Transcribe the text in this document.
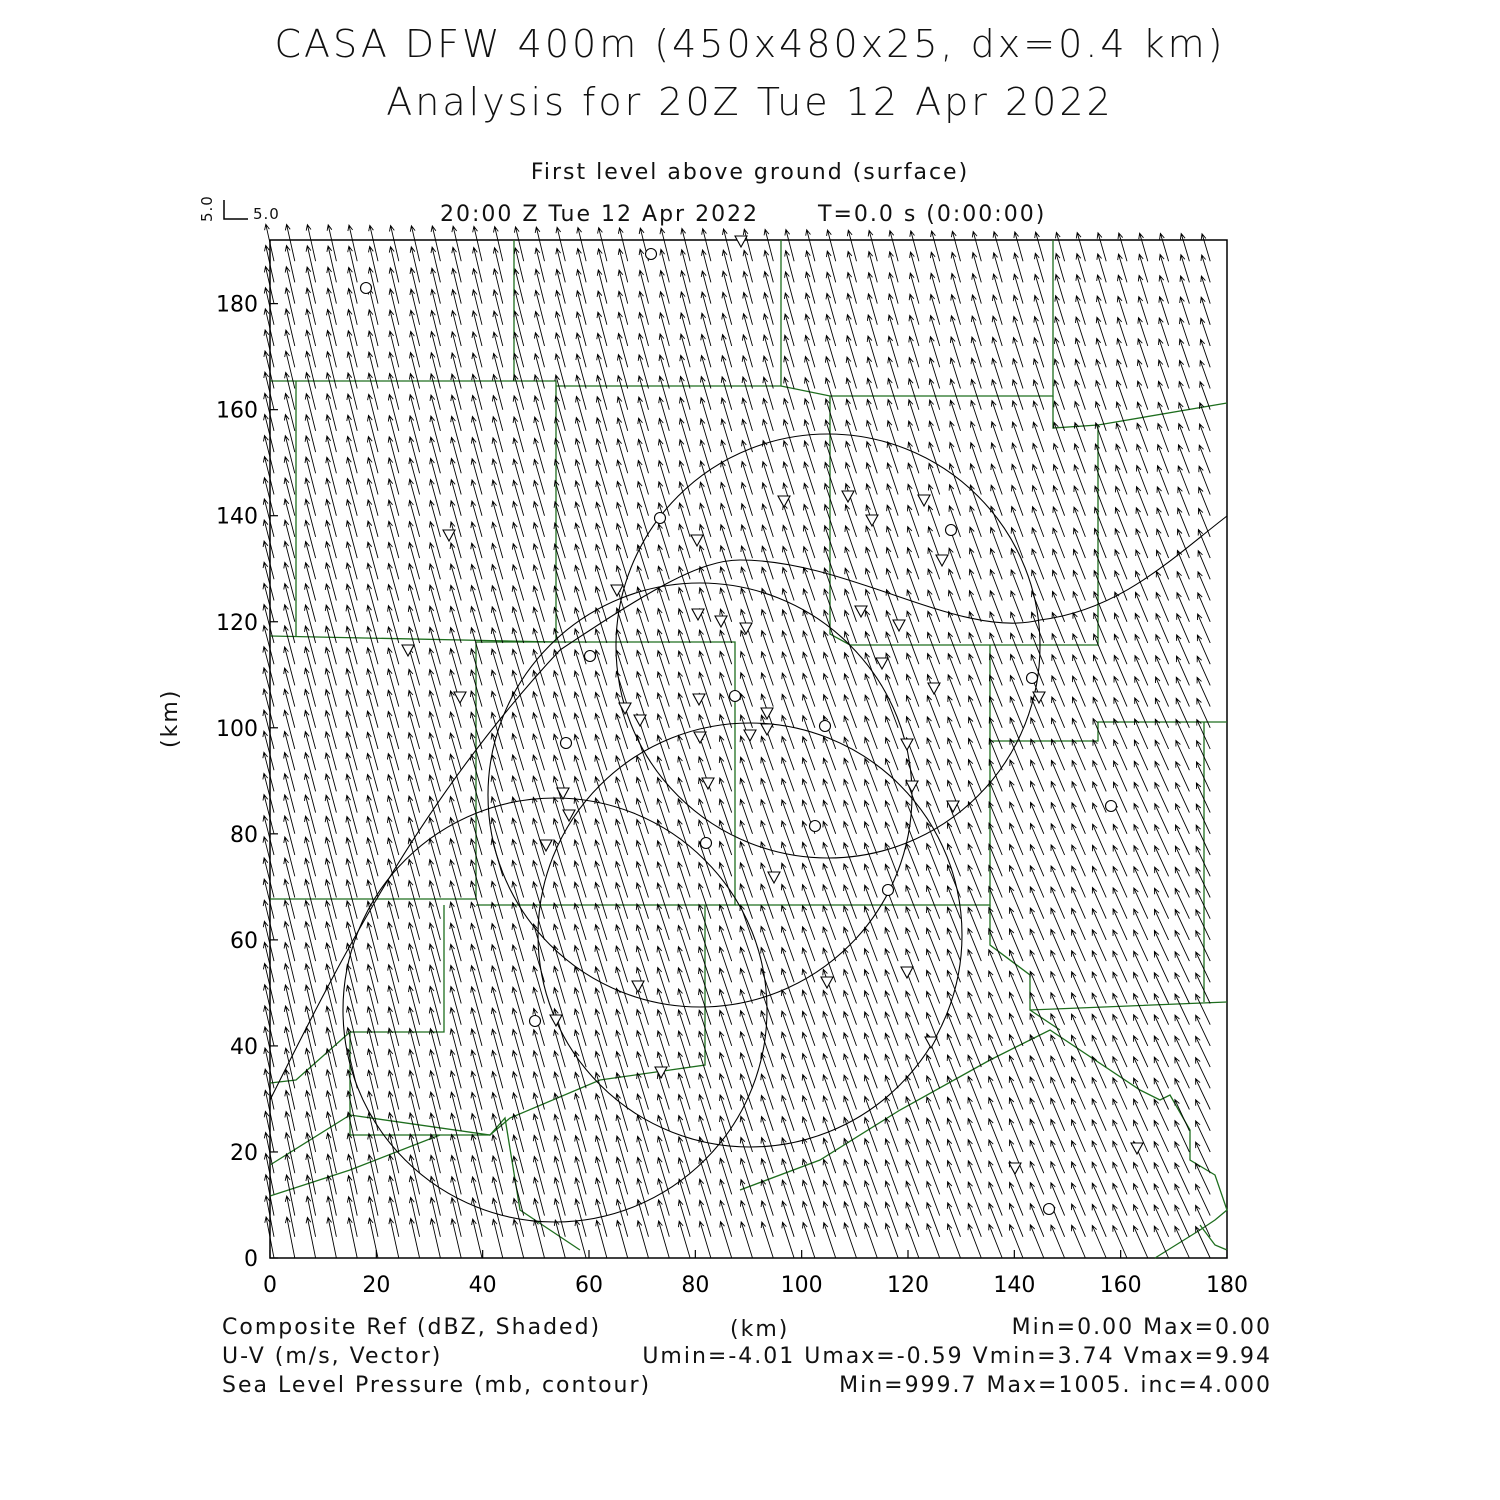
CASA DFW 400m (450x480x25, dx=0.4 km)
Analysis for 20Z Tue 12 Apr 2022
First level above ground (surface)
20:00 Z Tue 12 Apr 2022	T=0.0 s (0:00:00)
5.0
5.0
0	20	40	60	80	100	120	140	160	180
0
20
40
60
80
100
120
140
160
180
Composite Ref (dBZ, Shaded)	(km)	Min=0.00 Max=0.00
U-V (m/s, Vector)	Umin=-4.01 Umax=-0.59 Vmin=3.74 Vmax=9.94
Sea Level Pressure (mb, contour)	Min=999.7 Max=1005. inc=4.000
(km)
